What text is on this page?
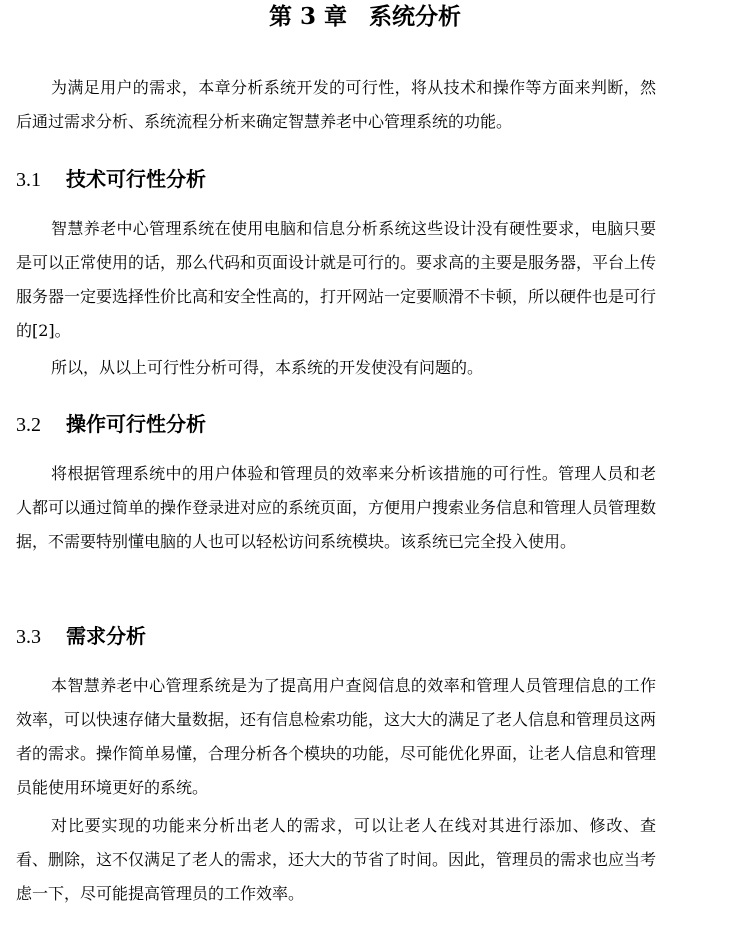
第 3 章 系统分析

为满足用户的需求，本章分析系统开发的可行性，将从技术和操作等方面来判断，然后通过需求分析、系统流程分析来确定智慧养老中心管理系统的功能。

3.1 技术可行性分析

智慧养老中心管理系统在使用电脑和信息分析系统这些设计没有硬性要求，电脑只要是可以正常使用的话，那么代码和页面设计就是可行的。要求高的主要是服务器，平台上传服务器一定要选择性价比高和安全性高的，打开网站一定要顺滑不卡顿，所以硬件也是可行的[2]。

所以，从以上可行性分析可得，本系统的开发使没有问题的。

3.2 操作可行性分析

将根据管理系统中的用户体验和管理员的效率来分析该措施的可行性。管理人员和老人都可以通过简单的操作登录进对应的系统页面，方便用户搜索业务信息和管理人员管理数据，不需要特别懂电脑的人也可以轻松访问系统模块。该系统已完全投入使用。

3.3 需求分析

本智慧养老中心管理系统是为了提高用户查阅信息的效率和管理人员管理信息的工作效率，可以快速存储大量数据，还有信息检索功能，这大大的满足了老人信息和管理员这两者的需求。操作简单易懂，合理分析各个模块的功能，尽可能优化界面，让老人信息和管理员能使用环境更好的系统。

对比要实现的功能来分析出老人的需求，可以让老人在线对其进行添加、修改、查看、删除，这不仅满足了老人的需求，还大大的节省了时间。因此，管理员的需求也应当考虑一下，尽可能提高管理员的工作效率。
